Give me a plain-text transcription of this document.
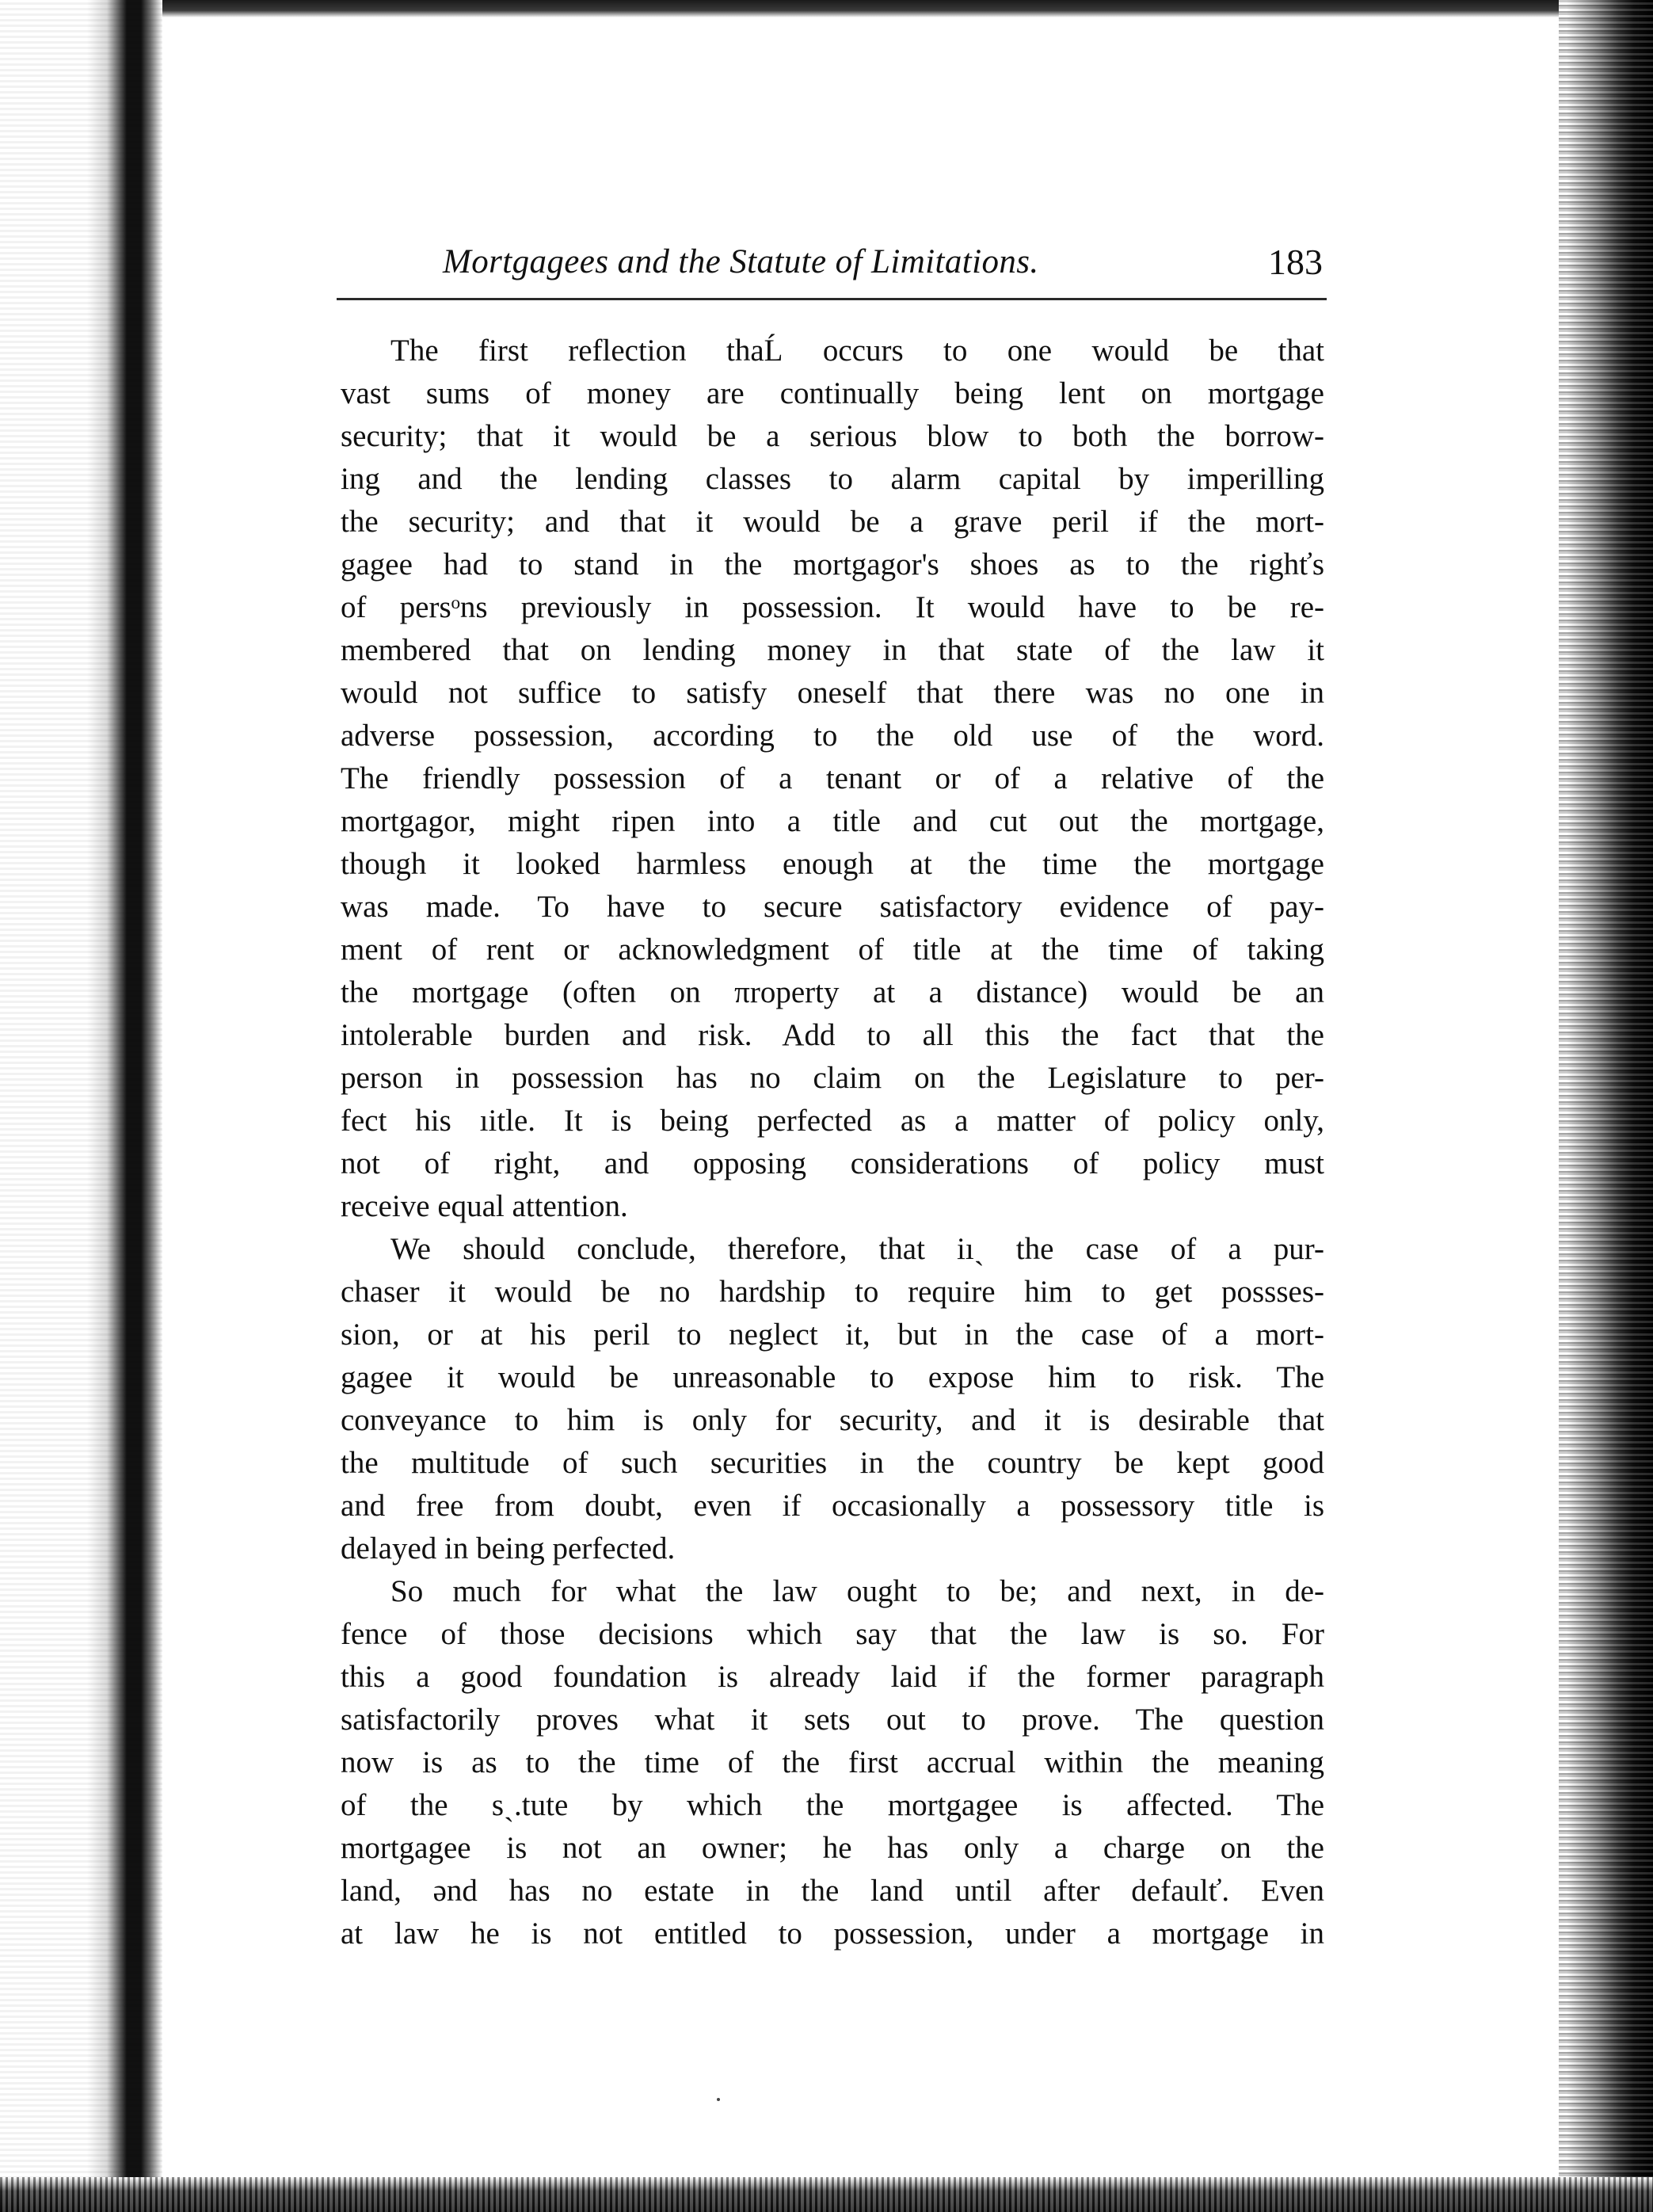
Mortgagees and the Statute of Limitations.	183
The first reflection thaĹ occurs to one would be that
vast sums of money are continually being lent on mortgage
security; that it would be a serious blow to both the borrow-
ing and the lending classes to alarm capital by imperilling
the security; and that it would be a grave peril if the mort-
gagee had to stand in the mortgagor's shoes as to the righťs
of persᵒns previously in possession. It would have to be re-
membered that on lending money in that state of the law it
would not suffice to satisfy oneself that there was no one in
adverse possession, according to the old use of the word.
The friendly possession of a tenant or of a relative of the
mortgagor, might ripen into a title and cut out the mortgage,
though it looked harmless enough at the time the mortgage
was made. To have to secure satisfactory evidence of pay-
ment of rent or acknowledgment of title at the time of taking
the mortgage (often on πroperty at a distance) would be an
intolerable burden and risk. Add to all this the fact that the
person in possession has no claim on the Legislature to per-
fect his ıitle. It is being perfected as a matter of policy only,
not of right, and opposing considerations of policy must
receive equal attention.
We should conclude, therefore, that iıˎ the case of a pur-
chaser it would be no hardship to require him to get possses-
sion, or at his peril to neglect it, but in the case of a mort-
gagee it would be unreasonable to expose him to risk. The
conveyance to him is only for security, and it is desirable that
the multitude of such securities in the country be kept good
and free from doubt, even if occasionally a possessory title is
delayed in being perfected.
So much for what the law ought to be; and next, in de-
fence of those decisions which say that the law is so. For
this a good foundation is already laid if the former paragraph
satisfactorily proves what it sets out to prove. The question
now is as to the time of the first accrual within the meaning
of the sˎ.tute by which the mortgagee is affected. The
mortgagee is not an owner; he has only a charge on the
land, ənd has no estate in the land until after defaulť. Even
at law he is not entitled to possession, under a mortgage in
